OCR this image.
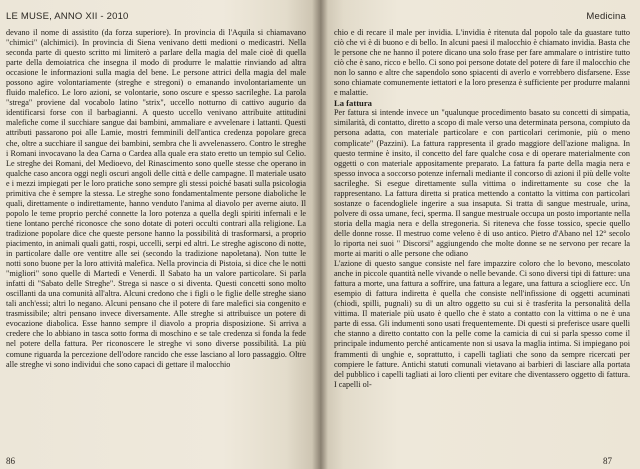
LE MUSE, ANNO XII - 2010

devano il nome di assistito (da forza superiore). In provincia di l'Aquila si chiamavano "chimici" (alchimici). In provincia di Siena venivano detti medioni o medicastri. Nella seconda parte di questo scritto mi limiterò a parlare della magia del male cioè di quella parte della demoiatrica che insegna il modo di produrre le malattie rinviando ad altra occasione le informazioni sulla magia del bene. Le persone attrici della magia del male possono agire volontariamente (streghe e stregoni) o emanando involontariamente un fluido malefico. Le loro azioni, se volontarie, sono oscure e spesso sacrileghe. La parola "strega" proviene dal vocabolo latino "strix", uccello notturno di cattivo augurio da identificarsi forse con il barbagianni. A questo uccello venivano attribuite attitudini malefiche come il succhiare sangue dai bambini, ammaliare e avvelenare i lattanti. Questi attributi passarono poi alle Lamie, mostri femminili dell'antica credenza popolare greca che, oltre a succhiare il sangue dei bambini, sembra che li avvelenassero. Contro le streghe i Romani invocavano la dea Carna o Cardea alla quale era stato eretto un tempio sul Celio. Le streghe dei Romani, del Medioevo, del Rinascimento sono quelle stesse che operano in qualche caso ancora oggi negli oscuri angoli delle città e delle campagne. Il materiale usato e i mezzi impiegati per le loro pratiche sono sempre gli stessi poiché basati sulla psicologia primitiva che è sempre la stessa. Le streghe sono fondamentalmente persone diaboliche le quali, direttamente o indirettamente, hanno venduto l'anima al diavolo per averne aiuto. Il popolo le teme proprio perché connette la loro potenza a quella degli spiriti infernali e le tiene lontano perché riconosce che sono dotate di poteri occulti contrari alla religione. La tradizione popolare dice che queste persone hanno la possibilità di trasformarsi, a proprio piacimento, in animali quali gatti, rospi, uccelli, serpi ed altri. Le streghe agiscono di notte, in particolare dalle ore ventitre alle sei (secondo la tradizione napoletana). Non tutte le notti sono buone per la loro attività malefica. Nella provincia di Pistoia, si dice che le notti "migliori" sono quelle di Martedì e Venerdì. Il Sabato ha un valore particolare. Si parla infatti di "Sabato delle Streghe". Strega si nasce o si diventa. Questi concetti sono molto oscillanti da una comunità all'altra. Alcuni credono che i figli o le figlie delle streghe siano tali anch'essi; altri lo negano. Alcuni pensano che il potere di fare malefici sia congenito e trasmissibile; altri pensano invece diversamente. Alle streghe si attribuisce un potere di evocazione diabolica. Esse hanno sempre il diavolo a propria disposizione. Si arriva a credere che lo abbiano in tasca sotto forma di moschino e se tale credenza si fonda la fede nel potere della fattura. Per riconoscere le streghe vi sono diverse possibilità. La più comune riguarda la percezione dell'odore rancido che esse lasciano al loro passaggio. Oltre alle streghe vi sono individui che sono capaci di gettare il malocchio

86
Medicina

chio e di recare il male per invidia. L'invidia è ritenuta dal popolo tale da guastare tutto ciò che vi è di buono e di bello. In alcuni paesi il malocchio è chiamato invidia. Basta che le persone che ne hanno il potere dicano una solo frase per fare ammalare o intristire tutto ciò che è sano, ricco e bello. Ci sono poi persone dotate del potere di fare il malocchio che non lo sanno e altre che sapendolo sono spiacenti di averlo e vorrebbero disfarsene. Esse sono chiamate comunemente iettatori e la loro presenza è sufficiente per produrre malanni e malattie.

La fattura

Per fattura si intende invece un "qualunque procedimento basato su concetti di simpatia, similarità, di contatto, diretto a scopo di male verso una determinata persona, compiuto da persona adatta, con materiale particolare e con particolari cerimonie, più o meno complicate" (Pazzini). La fattura rappresenta il grado maggiore dell'azione maligna. In questo termine è insito, il concetto del fare qualche cosa e di operare materialmente con oggetti o con materiale appositamente preparato. La fattura fa parte della magia nera e spesso invoca a soccorso potenze infernali mediante il concorso di azioni il più delle volte sacrileghe. Si esegue direttamente sulla vittima o indirettamente su cose che la rappresentano. La fattura diretta si pratica mettendo a contatto la vittima con particolari sostanze o facendogliele ingerire a sua insaputa. Si tratta di sangue mestruale, urina, polvere di ossa umane, feci, sperma. Il sangue mestruale occupa un posto importante nella storia della magia nera e della stregoneria. Si riteneva che fosse tossico, specie quello delle donne rosse. Il mestruo come veleno è di uso antico. Pietro d'Abano nel 12° secolo lo riporta nei suoi " Discorsi" aggiungendo che molte donne se ne servono per recare la morte ai mariti o alle persone che odiano

L'azione di questo sangue consiste nel fare impazzire coloro che lo bevono, mescolato anche in piccole quantità nelle vivande o nelle bevande. Ci sono diversi tipi di fatture: una fattura a morte, una fattura a soffrire, una fattura a legare, una fattura a sciogliere ecc. Un esempio di fattura indiretta è quella che consiste nell'infissione di oggetti acuminati (chiodi, spilli, pugnali) su di un altro oggetto su cui si è trasferita la personalità della vittima. Il materiale più usato è quello che è stato a contatto con la vittima o ne è una parte di essa. Gli indumenti sono usati frequentemente. Di questi si preferisce usare quelli che stanno a diretto contatto con la pelle come la camicia di cui si parla spesso come il principale indumento perché anticamente non si usava la maglia intima. Si impiegano poi frammenti di unghie e, soprattutto, i capelli tagliati che sono da sempre ricercati per compiere le fatture. Antichi statuti comunali vietavano ai barbieri di lasciare alla portata del pubblico i capelli tagliati ai loro clienti per evitare che diventassero oggetto di fattura. I capelli ol-

87
